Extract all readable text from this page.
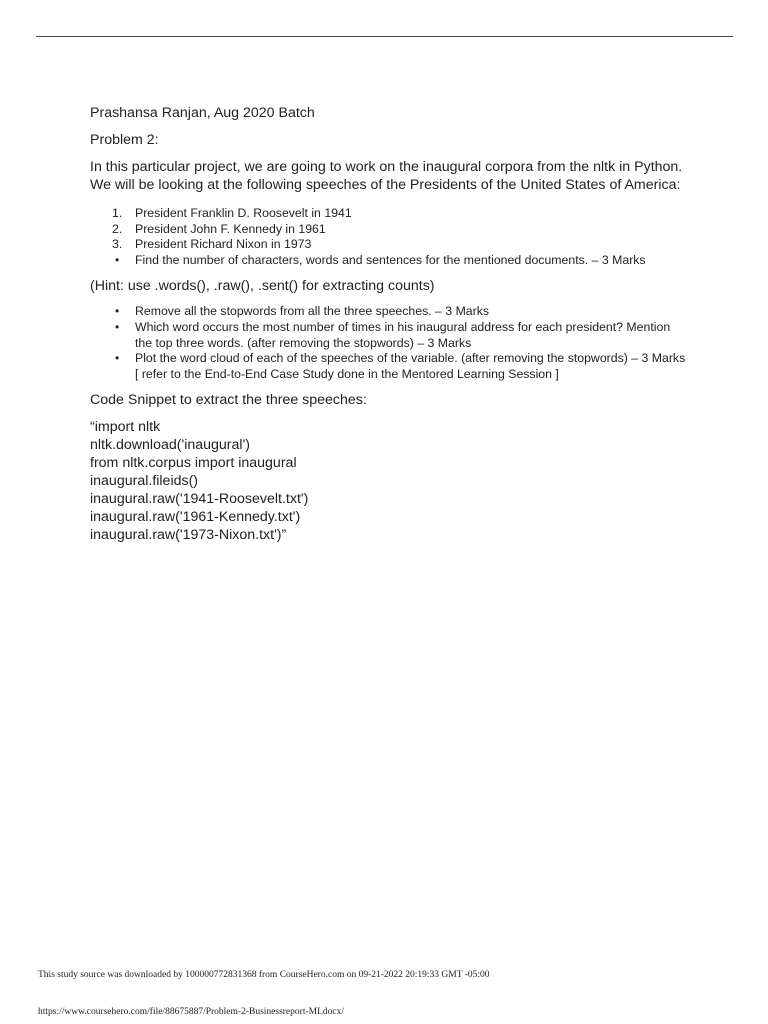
Prashansa Ranjan, Aug 2020 Batch

Problem 2:

In this particular project, we are going to work on the inaugural corpora from the nltk in Python. We will be looking at the following speeches of the Presidents of the United States of America:

1.	President Franklin D. Roosevelt in 1941
2.	President John F. Kennedy in 1961
3.	President Richard Nixon in 1973
• Find the number of characters, words and sentences for the mentioned documents. – 3 Marks

(Hint: use .words(), .raw(), .sent() for extracting counts)

• Remove all the stopwords from all the three speeches. – 3 Marks
• Which word occurs the most number of times in his inaugural address for each president? Mention the top three words. (after removing the stopwords) – 3 Marks
• Plot the word cloud of each of the speeches of the variable. (after removing the stopwords) – 3 Marks [ refer to the End-to-End Case Study done in the Mentored Learning Session ]

Code Snippet to extract the three speeches:

“import nltk
nltk.download('inaugural')
from nltk.corpus import inaugural
inaugural.fileids()
inaugural.raw('1941-Roosevelt.txt')
inaugural.raw('1961-Kennedy.txt')
inaugural.raw('1973-Nixon.txt')”
This study source was downloaded by 100000772831368 from CourseHero.com on 09-21-2022 20:19:33 GMT -05:00
https://www.coursehero.com/file/88675887/Problem-2-Businessreport-MLdocx/
